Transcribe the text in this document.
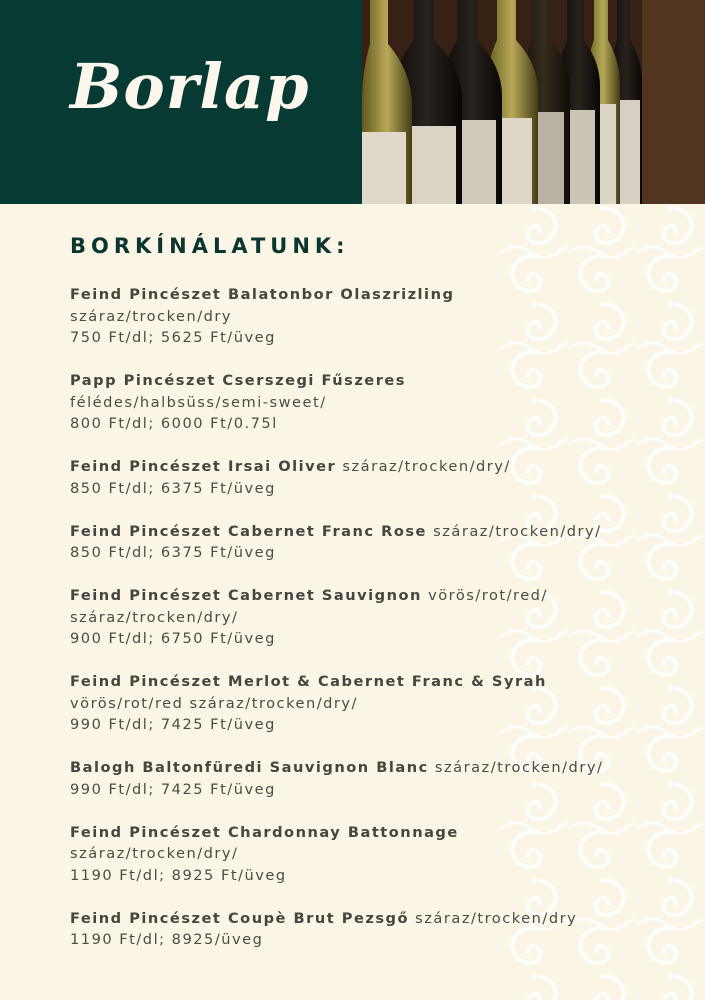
Borlap
BORKÍNÁLATUNK:
Feind Pincészet Balatonbor Olaszrizling
száraz/trocken/dry
750 Ft/dl; 5625 Ft/üveg
Papp Pincészet Cserszegi Fűszeres
félédes/halbsüss/semi-sweet/
800 Ft/dl; 6000 Ft/0.75l
Feind Pincészet Irsai Oliver száraz/trocken/dry/
850 Ft/dl; 6375 Ft/üveg
Feind Pincészet Cabernet Franc Rose száraz/trocken/dry/
850 Ft/dl; 6375 Ft/üveg
Feind Pincészet Cabernet Sauvignon vörös/rot/red/
száraz/trocken/dry/
900 Ft/dl; 6750 Ft/üveg
Feind Pincészet Merlot & Cabernet Franc & Syrah
vörös/rot/red száraz/trocken/dry/
990 Ft/dl; 7425 Ft/üveg
Balogh Baltonfüredi Sauvignon Blanc száraz/trocken/dry/
990 Ft/dl; 7425 Ft/üveg
Feind Pincészet Chardonnay Battonnage
száraz/trocken/dry/
1190 Ft/dl; 8925 Ft/üveg
Feind Pincészet Coupè Brut Pezsgő száraz/trocken/dry
1190 Ft/dl; 8925/üveg
